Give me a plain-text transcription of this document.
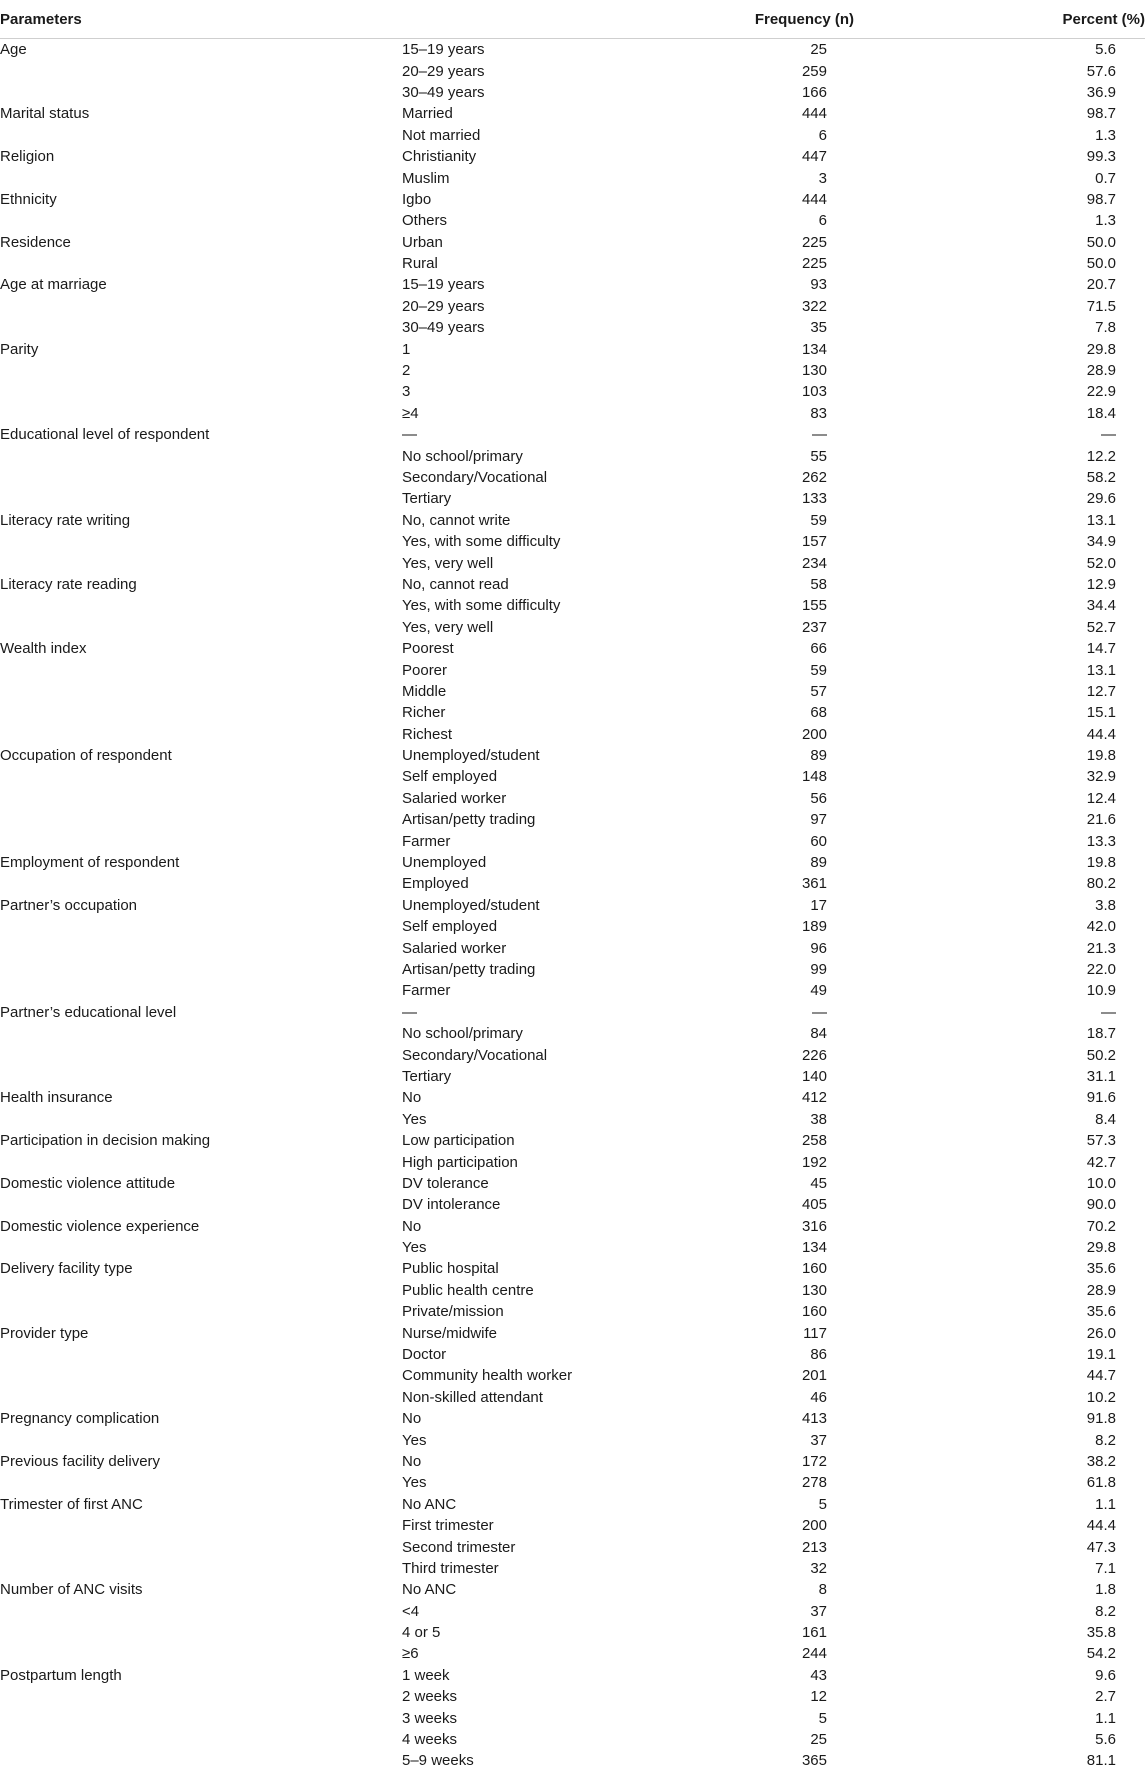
Parameters		Frequency (n)	Percent (%)
Age	15–19 years	25	5.6
	20–29 years	259	57.6
	30–49 years	166	36.9
Marital status	Married	444	98.7
	Not married	6	1.3
Religion	Christianity	447	99.3
	Muslim	3	0.7
Ethnicity	Igbo	444	98.7
	Others	6	1.3
Residence	Urban	225	50.0
	Rural	225	50.0
Age at marriage	15–19 years	93	20.7
	20–29 years	322	71.5
	30–49 years	35	7.8
Parity	1	134	29.8
	2	130	28.9
	3	103	22.9
	≥4	83	18.4
Educational level of respondent	—	—	—
	No school/primary	55	12.2
	Secondary/Vocational	262	58.2
	Tertiary	133	29.6
Literacy rate writing	No, cannot write	59	13.1
	Yes, with some difficulty	157	34.9
	Yes, very well	234	52.0
Literacy rate reading	No, cannot read	58	12.9
	Yes, with some difficulty	155	34.4
	Yes, very well	237	52.7
Wealth index	Poorest	66	14.7
	Poorer	59	13.1
	Middle	57	12.7
	Richer	68	15.1
	Richest	200	44.4
Occupation of respondent	Unemployed/student	89	19.8
	Self employed	148	32.9
	Salaried worker	56	12.4
	Artisan/petty trading	97	21.6
	Farmer	60	13.3
Employment of respondent	Unemployed	89	19.8
	Employed	361	80.2
Partner’s occupation	Unemployed/student	17	3.8
	Self employed	189	42.0
	Salaried worker	96	21.3
	Artisan/petty trading	99	22.0
	Farmer	49	10.9
Partner’s educational level	—	—	—
	No school/primary	84	18.7
	Secondary/Vocational	226	50.2
	Tertiary	140	31.1
Health insurance	No	412	91.6
	Yes	38	8.4
Participation in decision making	Low participation	258	57.3
	High participation	192	42.7
Domestic violence attitude	DV tolerance	45	10.0
	DV intolerance	405	90.0
Domestic violence experience	No	316	70.2
	Yes	134	29.8
Delivery facility type	Public hospital	160	35.6
	Public health centre	130	28.9
	Private/mission	160	35.6
Provider type	Nurse/midwife	117	26.0
	Doctor	86	19.1
	Community health worker	201	44.7
	Non-skilled attendant	46	10.2
Pregnancy complication	No	413	91.8
	Yes	37	8.2
Previous facility delivery	No	172	38.2
	Yes	278	61.8
Trimester of first ANC	No ANC	5	1.1
	First trimester	200	44.4
	Second trimester	213	47.3
	Third trimester	32	7.1
Number of ANC visits	No ANC	8	1.8
	<4	37	8.2
	4 or 5	161	35.8
	≥6	244	54.2
Postpartum length	1 week	43	9.6
	2 weeks	12	2.7
	3 weeks	5	1.1
	4 weeks	25	5.6
	5–9 weeks	365	81.1
